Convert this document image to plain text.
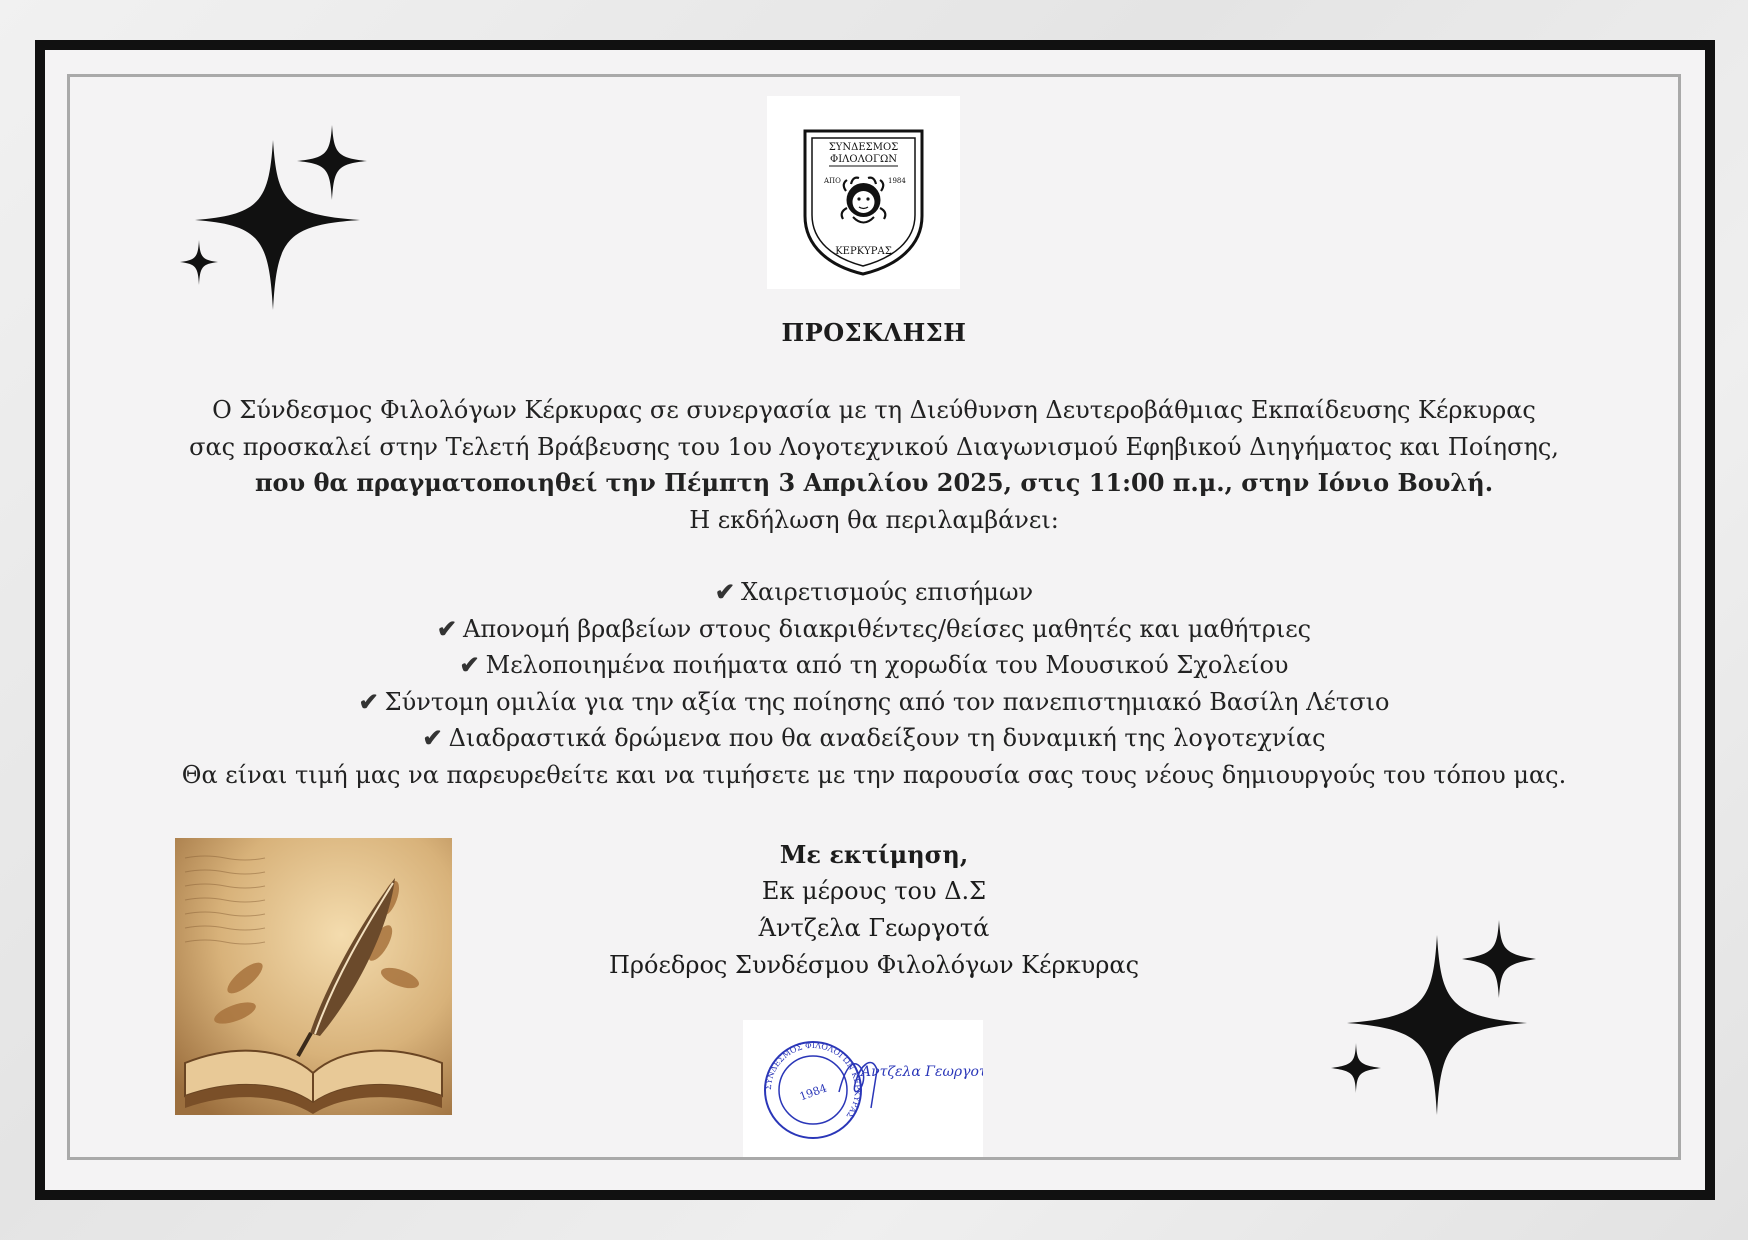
ΣΥΝΔΕΣΜΟΣ
ΦΙΛΟΛΟΓΩΝ
ΑΠΟ	1984
ΚΕΡΚΥΡΑΣ
ΠΡΟΣΚΛΗΣΗ
Ο Σύνδεσμος Φιλολόγων Κέρκυρας σε συνεργασία με τη Διεύθυνση Δευτεροβάθμιας Εκπαίδευσης Κέρκυρας
σας προσκαλεί στην Τελετή Βράβευσης του 1ου Λογοτεχνικού Διαγωνισμού Εφηβικού Διηγήματος και Ποίησης,
που θα πραγματοποιηθεί την Πέμπτη 3 Απριλίου 2025, στις 11:00 π.μ., στην Ιόνιο Βουλή.
Η εκδήλωση θα περιλαμβάνει:
✔ Χαιρετισμούς επισήμων
✔ Απονομή βραβείων στους διακριθέντες/θείσες μαθητές και μαθήτριες
✔ Μελοποιημένα ποιήματα από τη χορωδία του Μουσικού Σχολείου
✔ Σύντομη ομιλία για την αξία της ποίησης από τον πανεπιστημιακό Βασίλη Λέτσιο
✔ Διαδραστικά δρώμενα που θα αναδείξουν τη δυναμική της λογοτεχνίας
Θα είναι τιμή μας να παρευρεθείτε και να τιμήσετε με την παρουσία σας τους νέους δημιουργούς του τόπου μας.
Με εκτίμηση,
Εκ μέρους του Δ.Σ
Άντζελα Γεωργοτά
Πρόεδρος Συνδέσμου Φιλολόγων Κέρκυρας
ΣΥΝΔΕΣΜΟΣ ΦΙΛΟΛΟΓΩΝ ΚΕΡΚΥΡΑΣ
1984
Άντζελα Γεωργοτά
